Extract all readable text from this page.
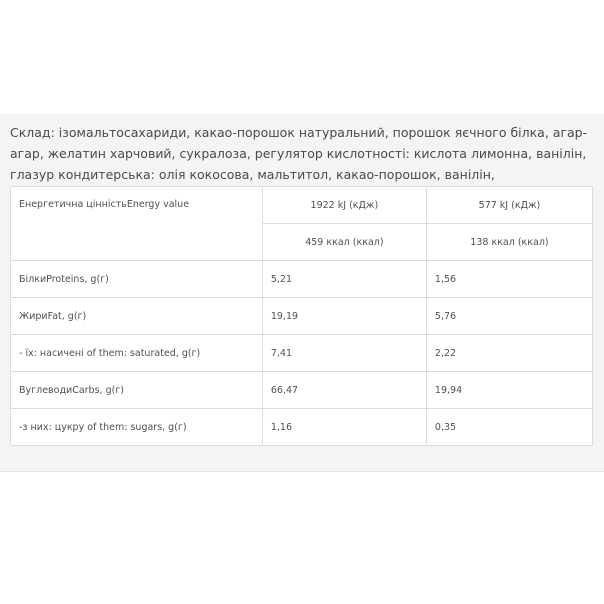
Склад: ізомальтосахариди, какао-порошок натуральний, порошок яєчного білка, агар-агар, желатин харчовий, сукралоза, регулятор кислотності: кислота лимонна, ванілін, глазур кондитерська: олія кокосова, мальтитол, какао-порошок, ванілін,

Енергетична цінністьEnergy value	1922 kJ (кДж)	577 kJ (кДж)
	459 ккал (ккал)	138 ккал (ккал)
БілкиProteins, g(г)	5,21	1,56
ЖириFat, g(г)	19,19	5,76
- їх: насичені of them: saturated, g(г)	7,41	2,22
ВуглеводиCarbs, g(г)	66,47	19,94
-з них: цукру of them: sugars, g(г)	1,16	0,35
